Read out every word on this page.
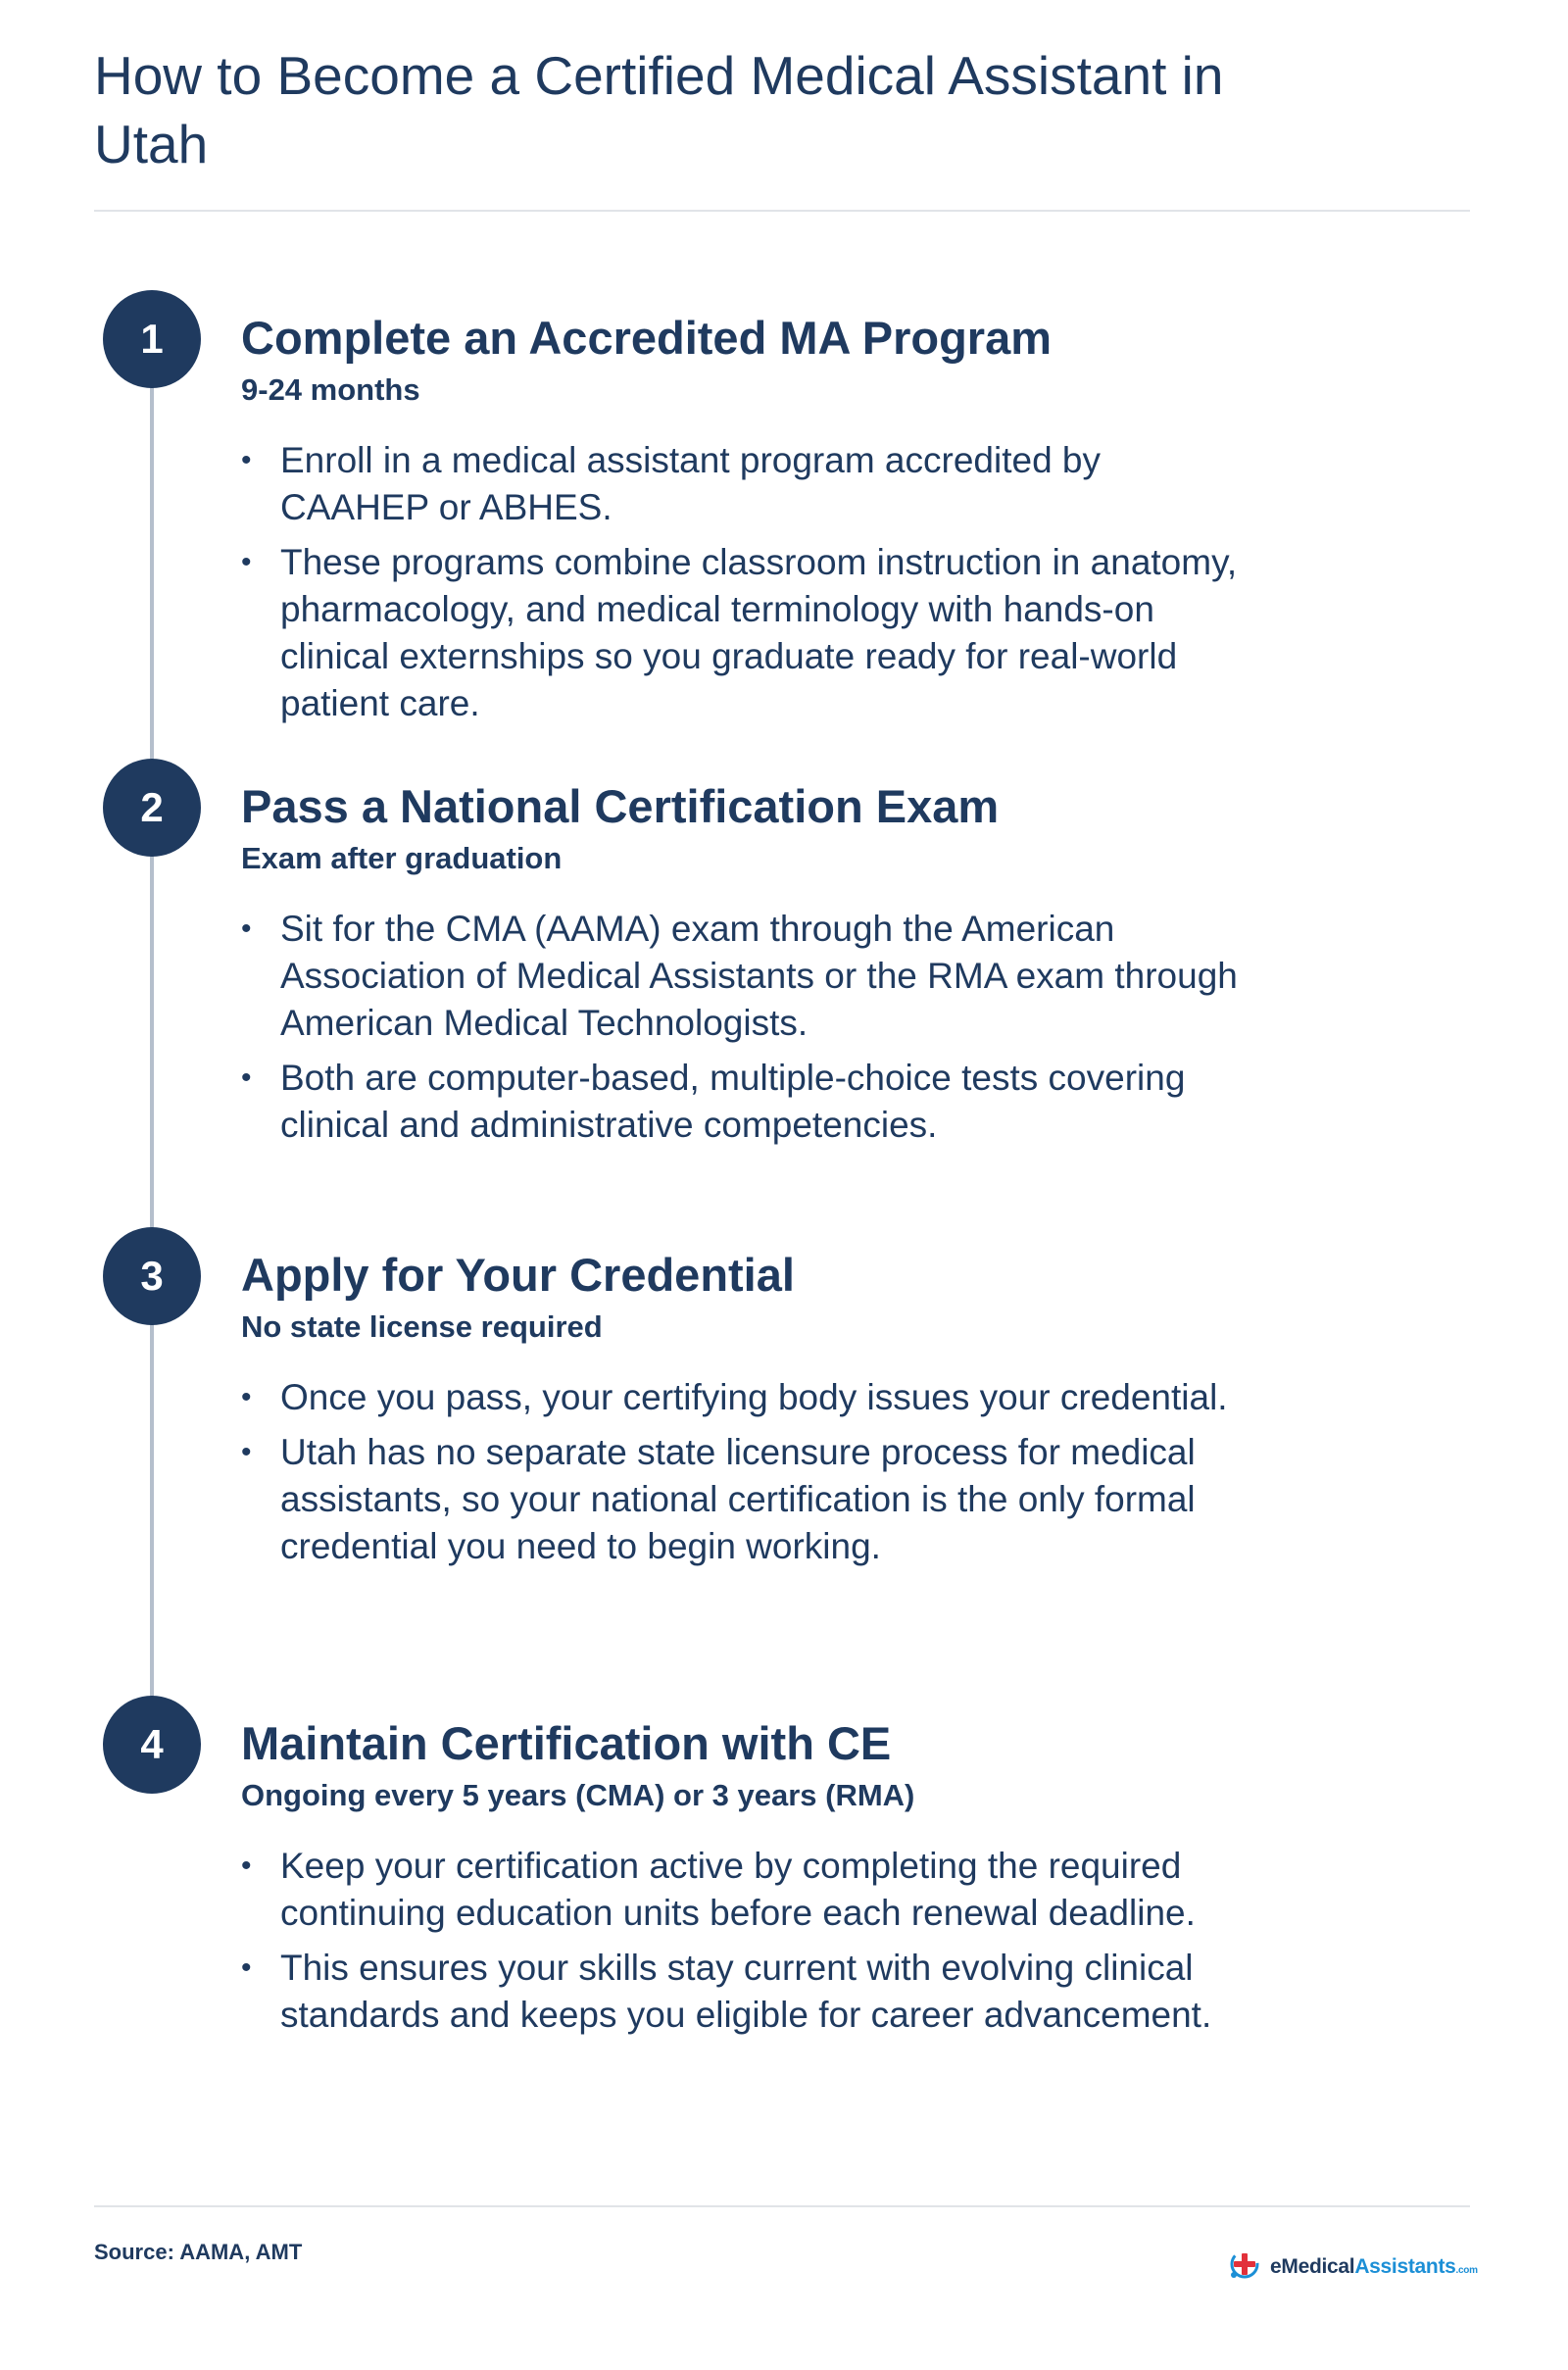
How to Become a Certified Medical Assistant in Utah
1	Complete an Accredited MA Program
9-24 months
• Enroll in a medical assistant program accredited by CAAHEP or ABHES.
• These programs combine classroom instruction in anatomy, pharmacology, and medical terminology with hands-on clinical externships so you graduate ready for real-world patient care.
2	Pass a National Certification Exam
Exam after graduation
• Sit for the CMA (AAMA) exam through the American Association of Medical Assistants or the RMA exam through American Medical Technologists.
• Both are computer-based, multiple-choice tests covering clinical and administrative competencies.
3	Apply for Your Credential
No state license required
• Once you pass, your certifying body issues your credential.
• Utah has no separate state licensure process for medical assistants, so your national certification is the only formal credential you need to begin working.
4	Maintain Certification with CE
Ongoing every 5 years (CMA) or 3 years (RMA)
• Keep your certification active by completing the required continuing education units before each renewal deadline.
• This ensures your skills stay current with evolving clinical standards and keeps you eligible for career advancement.
Source: AAMA, AMT
eMedicalAssistants.com
